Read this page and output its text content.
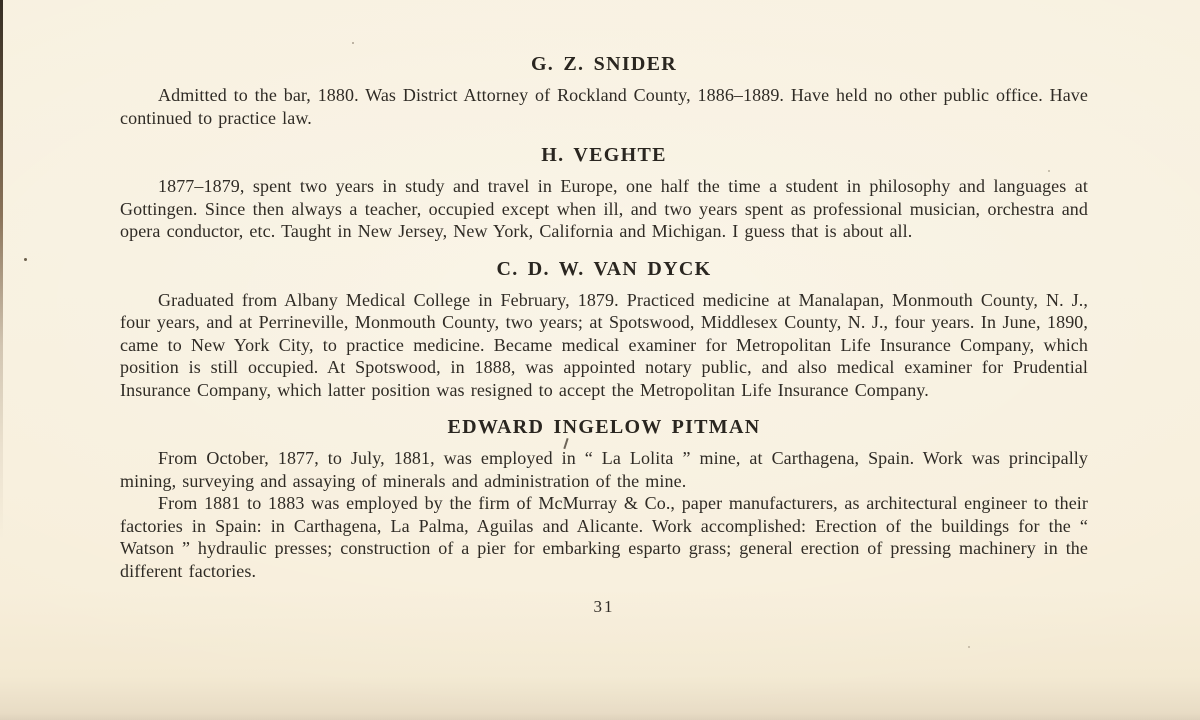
G. Z. SNIDER

Admitted to the bar, 1880. Was District Attorney of Rockland County, 1886–1889. Have held no other public office. Have continued to practice law.

H. VEGHTE

1877–1879, spent two years in study and travel in Europe, one half the time a student in philosophy and languages at Gottingen. Since then always a teacher, occupied except when ill, and two years spent as professional musician, orchestra and opera conductor, etc. Taught in New Jersey, New York, California and Michigan. I guess that is about all.

C. D. W. VAN DYCK

Graduated from Albany Medical College in February, 1879. Practiced medicine at Manalapan, Monmouth County, N. J., four years, and at Perrineville, Monmouth County, two years; at Spotswood, Middlesex County, N. J., four years. In June, 1890, came to New York City, to practice medicine. Became medical examiner for Metropolitan Life Insurance Company, which position is still occupied. At Spotswood, in 1888, was appointed notary public, and also medical examiner for Prudential Insurance Company, which latter position was resigned to accept the Metropolitan Life Insurance Company.

EDWARD INGELOW PITMAN

From October, 1877, to July, 1881, was employed in “ La Lolita ” mine, at Carthagena, Spain. Work was principally mining, surveying and assaying of minerals and administration of the mine.

From 1881 to 1883 was employed by the firm of McMurray & Co., paper manufacturers, as architectural engineer to their factories in Spain: in Carthagena, La Palma, Aguilas and Alicante. Work accomplished: Erection of the buildings for the “ Watson ” hydraulic presses; construction of a pier for embarking esparto grass; general erection of pressing machinery in the different factories.

31
